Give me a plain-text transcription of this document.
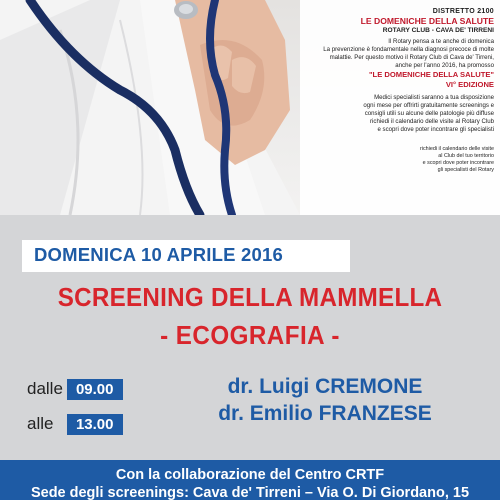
DISTRETTO 2100
LE DOMENICHE DELLA SALUTE
ROTARY CLUB - CAVA DE' TIRRENI

Il Rotary pensa a te anche di domenica
La prevenzione è fondamentale nella diagnosi precoce di molte
malattie. Per questo motivo il Rotary Club di Cava de' Tirreni,
anche per l'anno 2016, ha promosso
"LE DOMENICHE DELLA SALUTE"
VI° EDIZIONE

Medici specialisti saranno a tua disposizione
ogni mese per offrirti gratuitamente screenings e
consigli utili su alcune delle patologie più diffuse
richiedi il calendario delle visite al Rotary Club
e scopri dove poter incontrare gli specialisti

richiedi il calendario delle visite
al Club del tuo territorio
e scopri dove poter incontrare
gli specialisti del Rotary

DOMENICA 10 APRILE 2016
SCREENING DELLA MAMMELLA
- ECOGRAFIA -
dalle 09.00
alle 13.00
dr. Luigi CREMONE
dr. Emilio FRANZESE
Con la collaborazione del Centro CRTF
Sede degli screenings: Cava de' Tirreni – Via O. Di Giordano, 15
